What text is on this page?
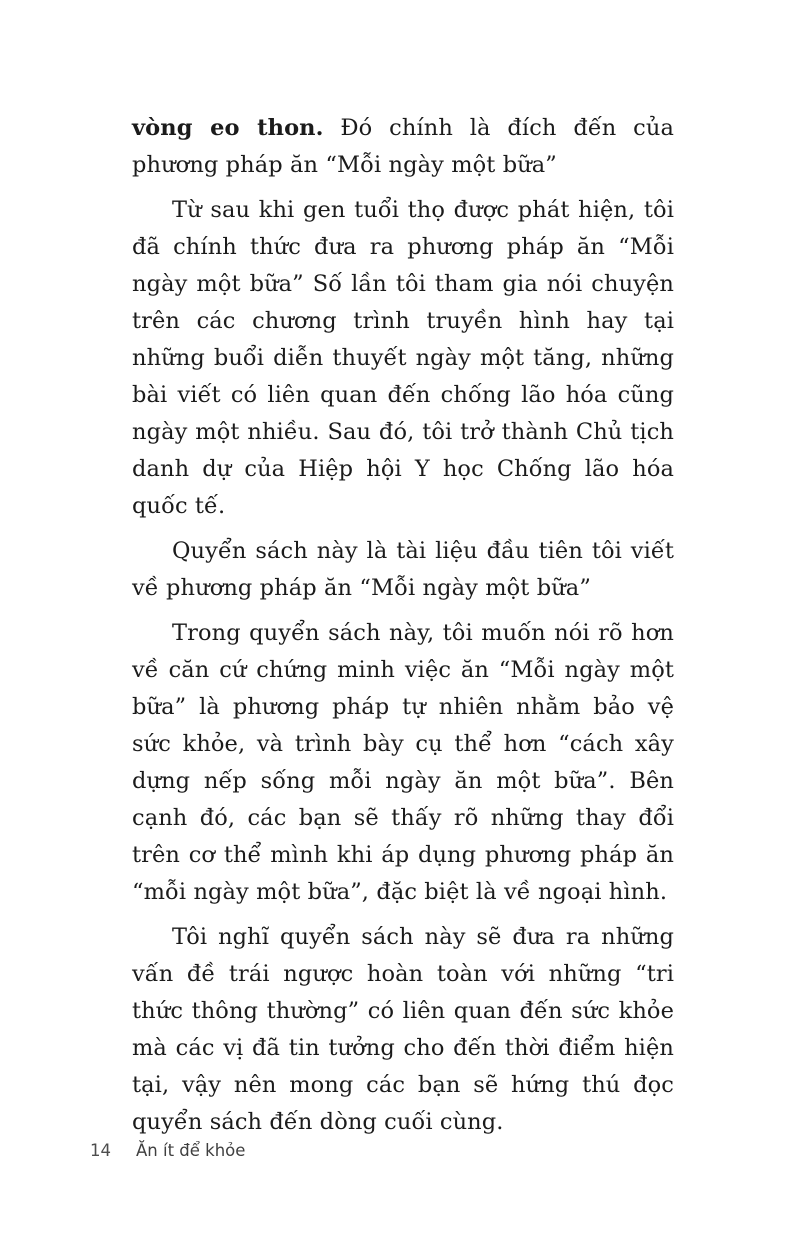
vòng eo thon. Đó chính là đích đến của phương pháp ăn “Mỗi ngày một bữa”

Từ sau khi gen tuổi thọ được phát hiện, tôi đã chính thức đưa ra phương pháp ăn “Mỗi ngày một bữa” Số lần tôi tham gia nói chuyện trên các chương trình truyền hình hay tại những buổi diễn thuyết ngày một tăng, những bài viết có liên quan đến chống lão hóa cũng ngày một nhiều. Sau đó, tôi trở thành Chủ tịch danh dự của Hiệp hội Y học Chống lão hóa quốc tế.

Quyển sách này là tài liệu đầu tiên tôi viết về phương pháp ăn “Mỗi ngày một bữa”

Trong quyển sách này, tôi muốn nói rõ hơn về căn cứ chứng minh việc ăn “Mỗi ngày một bữa” là phương pháp tự nhiên nhằm bảo vệ sức khỏe, và trình bày cụ thể hơn “cách xây dựng nếp sống mỗi ngày ăn một bữa”. Bên cạnh đó, các bạn sẽ thấy rõ những thay đổi trên cơ thể mình khi áp dụng phương pháp ăn “mỗi ngày một bữa”, đặc biệt là về ngoại hình.

Tôi nghĩ quyển sách này sẽ đưa ra những vấn đề trái ngược hoàn toàn với những “tri thức thông thường” có liên quan đến sức khỏe mà các vị đã tin tưởng cho đến thời điểm hiện tại, vậy nên mong các bạn sẽ hứng thú đọc quyển sách đến dòng cuối cùng.

14 Ăn ít để khỏe
